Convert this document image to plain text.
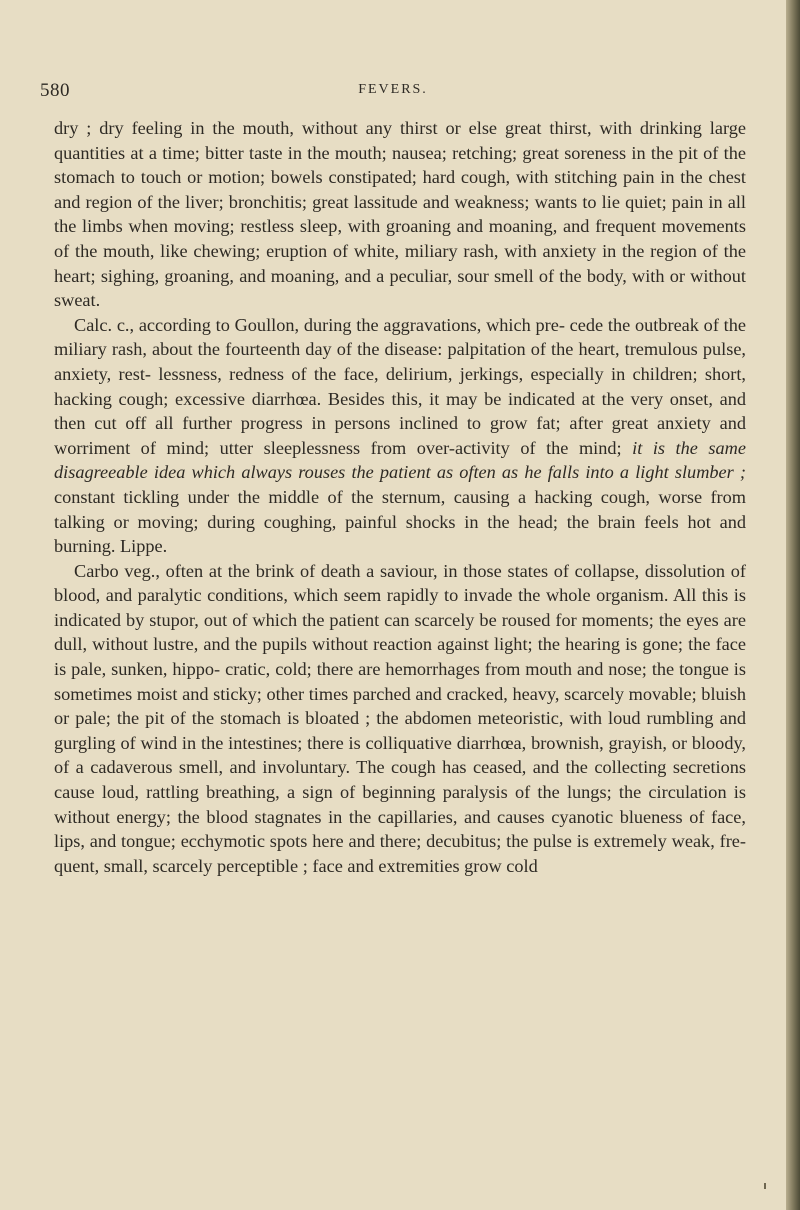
580	FEVERS.

dry ; dry feeling in the mouth, without any thirst or else great thirst, with drinking large quantities at a time; bitter taste in the mouth; nausea; retching; great soreness in the pit of the stomach to touch or motion; bowels constipated; hard cough, with stitching pain in the chest and region of the liver; bronchitis; great lassitude and weakness; wants to lie quiet; pain in all the limbs when moving; restless sleep, with groaning and moaning, and frequent movements of the mouth, like chewing; eruption of white, miliary rash, with anxiety in the region of the heart; sighing, groaning, and moaning, and a peculiar, sour smell of the body, with or without sweat.

Calc. c., according to Goullon, during the aggravations, which pre- cede the outbreak of the miliary rash, about the fourteenth day of the disease: palpitation of the heart, tremulous pulse, anxiety, rest- lessness, redness of the face, delirium, jerkings, especially in children; short, hacking cough; excessive diarrhœa. Besides this, it may be indicated at the very onset, and then cut off all further progress in persons inclined to grow fat; after great anxiety and worriment of mind; utter sleeplessness from over-activity of the mind; it is the same disagreeable idea which always rouses the patient as often as he falls into a light slumber ; constant tickling under the middle of the sternum, causing a hacking cough, worse from talking or moving; during coughing, painful shocks in the head; the brain feels hot and burning. Lippe.

Carbo veg., often at the brink of death a saviour, in those states of collapse, dissolution of blood, and paralytic conditions, which seem rapidly to invade the whole organism. All this is indicated by stupor, out of which the patient can scarcely be roused for moments; the eyes are dull, without lustre, and the pupils without reaction against light; the hearing is gone; the face is pale, sunken, hippo- cratic, cold; there are hemorrhages from mouth and nose; the tongue is sometimes moist and sticky; other times parched and cracked, heavy, scarcely movable; bluish or pale; the pit of the stomach is bloated ; the abdomen meteoristic, with loud rumbling and gurgling of wind in the intestines; there is colliquative diarrhœa, brownish, grayish, or bloody, of a cadaverous smell, and involuntary. The cough has ceased, and the collecting secretions cause loud, rattling breathing, a sign of beginning paralysis of the lungs; the circulation is without energy; the blood stagnates in the capillaries, and causes cyanotic blueness of face, lips, and tongue; ecchymotic spots here and there; decubitus; the pulse is extremely weak, fre- quent, small, scarcely perceptible ; face and extremities grow cold
